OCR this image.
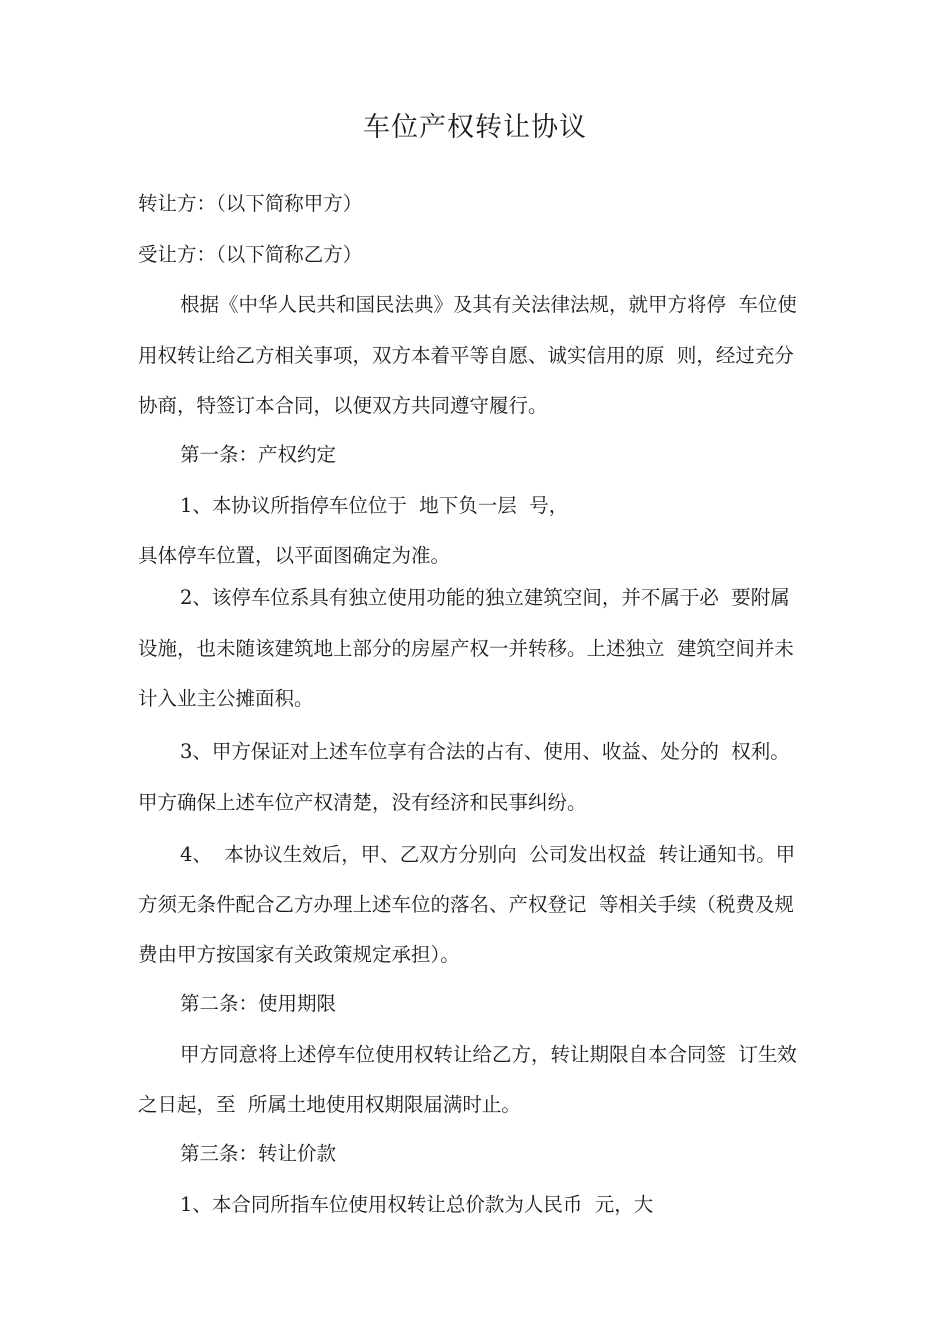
车位产权转让协议
转让方：（以下简称甲方）
受让方：（以下简称乙方）
根据《中华人民共和国民法典》及其有关法律法规，就甲方将停  车位使
用权转让给乙方相关事项，双方本着平等自愿、诚实信用的原  则，经过充分
协商，特签订本合同，以便双方共同遵守履行。
第一条：产权约定
1、本协议所指停车位位于  地下负一层  号，
具体停车位置，以平面图确定为准。
2、该停车位系具有独立使用功能的独立建筑空间，并不属于必  要附属
设施，也未随该建筑地上部分的房屋产权一并转移。上述独立  建筑空间并未
计入业主公摊面积。
3、甲方保证对上述车位享有合法的占有、使用、收益、处分的  权利。
甲方确保上述车位产权清楚，没有经济和民事纠纷。
4、  本协议生效后，甲、乙双方分别向  公司发出权益  转让通知书。甲
方须无条件配合乙方办理上述车位的落名、产权登记  等相关手续（税费及规
费由甲方按国家有关政策规定承担）。
第二条：使用期限
甲方同意将上述停车位使用权转让给乙方，转让期限自本合同签  订生效
之日起，至  所属土地使用权期限届满时止。
第三条：转让价款
1、本合同所指车位使用权转让总价款为人民币  元，大
